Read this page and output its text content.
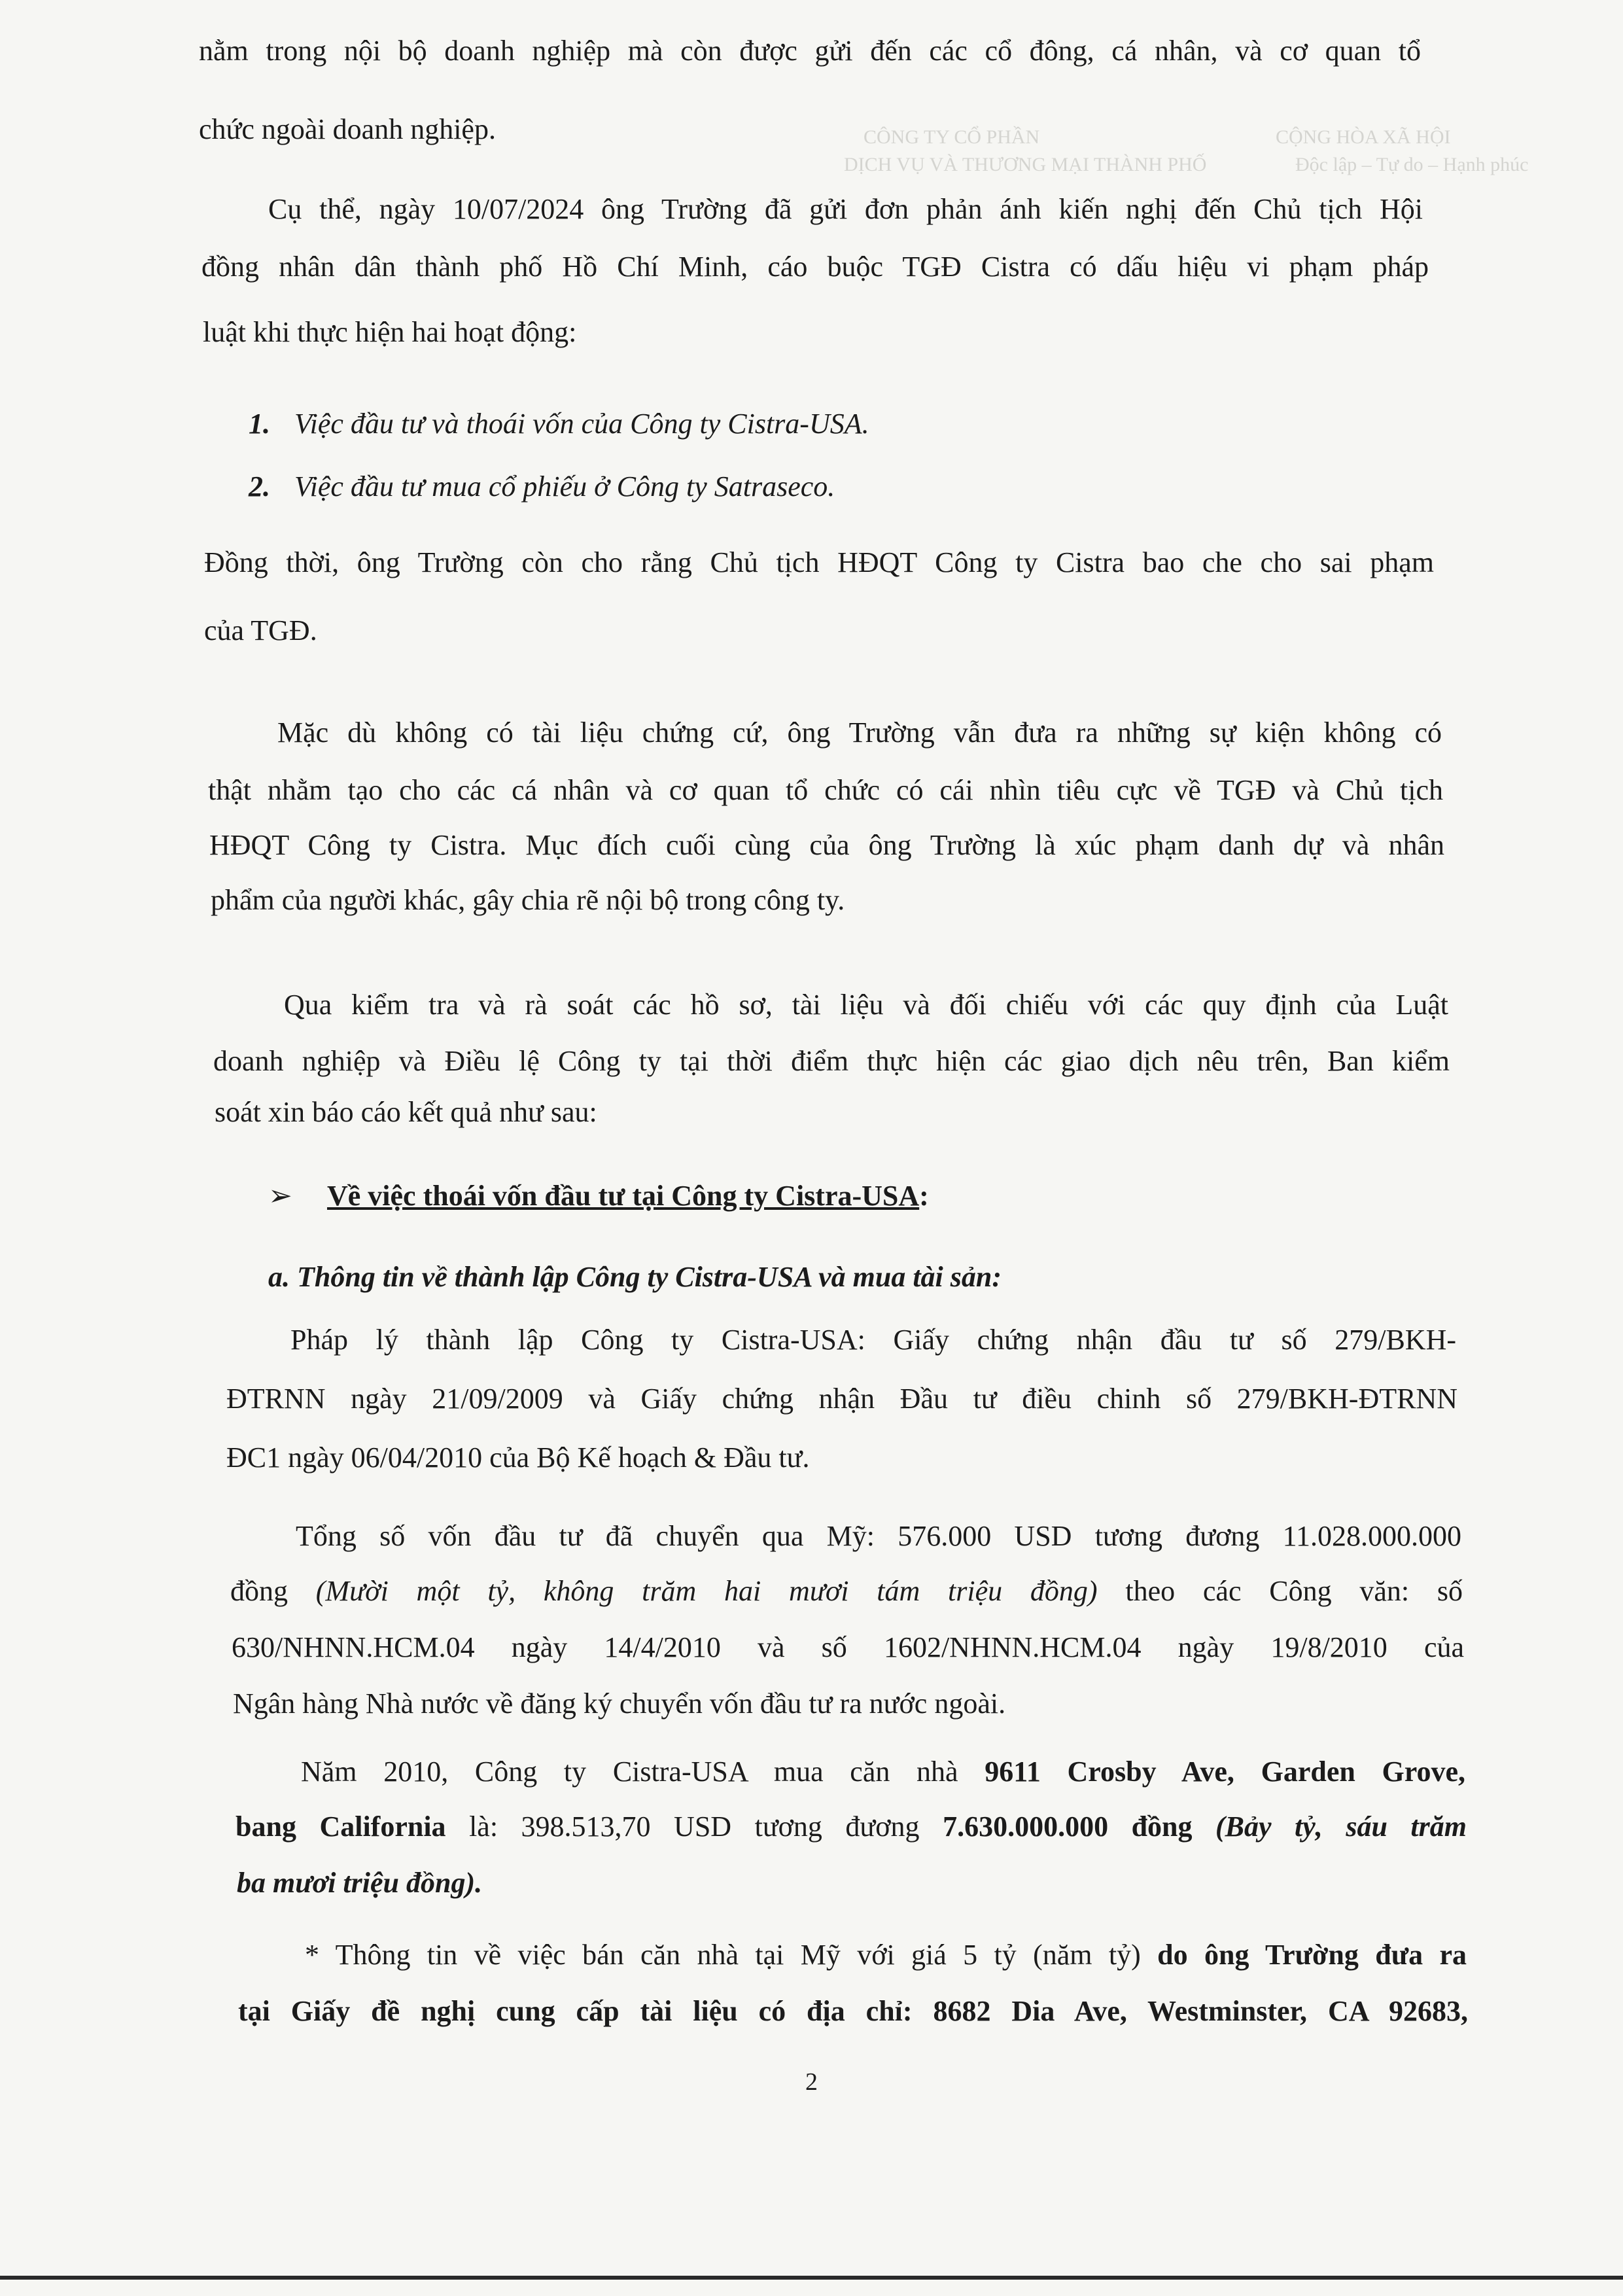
CÔNG TY CỔ PHẦN
DỊCH VỤ VÀ THƯƠNG MẠI THÀNH PHỐ
CỘNG HÒA XÃ HỘI
Độc lập – Tự do – Hạnh phúc
nằm trong nội bộ doanh nghiệp mà còn được gửi đến các cổ đông, cá nhân, và cơ quan tổ
chức ngoài doanh nghiệp.
Cụ thể, ngày 10/07/2024 ông Trường đã gửi đơn phản ánh kiến nghị đến Chủ tịch Hội
đồng nhân dân thành phố Hồ Chí Minh, cáo buộc TGĐ Cistra có dấu hiệu vi phạm pháp
luật khi thực hiện hai hoạt động:
1. Việc đầu tư và thoái vốn của Công ty Cistra-USA.
2. Việc đầu tư mua cổ phiếu ở Công ty Satraseco.
Đồng thời, ông Trường còn cho rằng Chủ tịch HĐQT Công ty Cistra bao che cho sai phạm
của TGĐ.
Mặc dù không có tài liệu chứng cứ, ông Trường vẫn đưa ra những sự kiện không có
thật nhằm tạo cho các cá nhân và cơ quan tổ chức có cái nhìn tiêu cực về TGĐ và Chủ tịch
HĐQT Công ty Cistra. Mục đích cuối cùng của ông Trường là xúc phạm danh dự và nhân
phẩm của người khác, gây chia rẽ nội bộ trong công ty.
Qua kiểm tra và rà soát các hồ sơ, tài liệu và đối chiếu với các quy định của Luật
doanh nghiệp và Điều lệ Công ty tại thời điểm thực hiện các giao dịch nêu trên, Ban kiểm
soát xin báo cáo kết quả như sau:
➢ Về việc thoái vốn đầu tư tại Công ty Cistra-USA:
a. Thông tin về thành lập Công ty Cistra-USA và mua tài sản:
Pháp lý thành lập Công ty Cistra-USA: Giấy chứng nhận đầu tư số 279/BKH-
ĐTRNN ngày 21/09/2009 và Giấy chứng nhận Đầu tư điều chinh số 279/BKH-ĐTRNN
ĐC1 ngày 06/04/2010 của Bộ Kế hoạch & Đầu tư.
Tổng số vốn đầu tư đã chuyển qua Mỹ: 576.000 USD tương đương 11.028.000.000
đồng (Mười một tỷ, không trăm hai mươi tám triệu đồng) theo các Công văn: số
630/NHNN.HCM.04 ngày 14/4/2010 và số 1602/NHNN.HCM.04 ngày 19/8/2010 của
Ngân hàng Nhà nước về đăng ký chuyển vốn đầu tư ra nước ngoài.
Năm 2010, Công ty Cistra-USA mua căn nhà 9611 Crosby Ave, Garden Grove,
bang California là: 398.513,70 USD tương đương 7.630.000.000 đồng (Bảy tỷ, sáu trăm
ba mươi triệu đồng).
* Thông tin về việc bán căn nhà tại Mỹ với giá 5 tỷ (năm tỷ) do ông Trường đưa ra
tại Giấy đề nghị cung cấp tài liệu có địa chỉ: 8682 Dia Ave, Westminster, CA 92683,
2
